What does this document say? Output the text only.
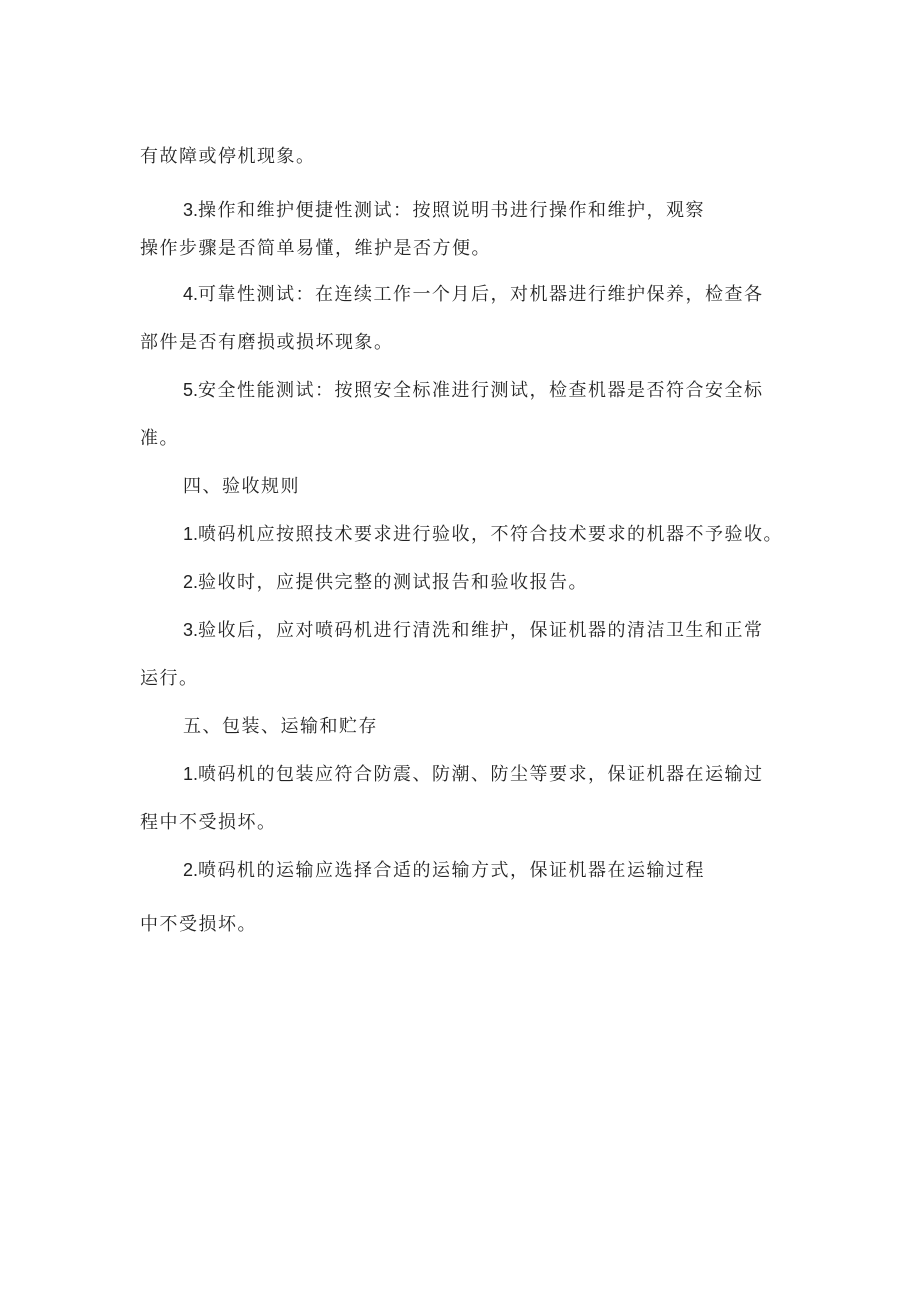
有故障或停机现象。
3.操作和维护便捷性测试：按照说明书进行操作和维护，观察
操作步骤是否简单易懂，维护是否方便。
4.可靠性测试：在连续工作一个月后，对机器进行维护保养，检查各
部件是否有磨损或损坏现象。
5.安全性能测试：按照安全标准进行测试，检查机器是否符合安全标
准。
四、验收规则
1.喷码机应按照技术要求进行验收，不符合技术要求的机器不予验收。
2.验收时，应提供完整的测试报告和验收报告。
3.验收后，应对喷码机进行清洗和维护，保证机器的清洁卫生和正常
运行。
五、包装、运输和贮存
1.喷码机的包装应符合防震、防潮、防尘等要求，保证机器在运输过
程中不受损坏。
2.喷码机的运输应选择合适的运输方式，保证机器在运输过程
中不受损坏。
